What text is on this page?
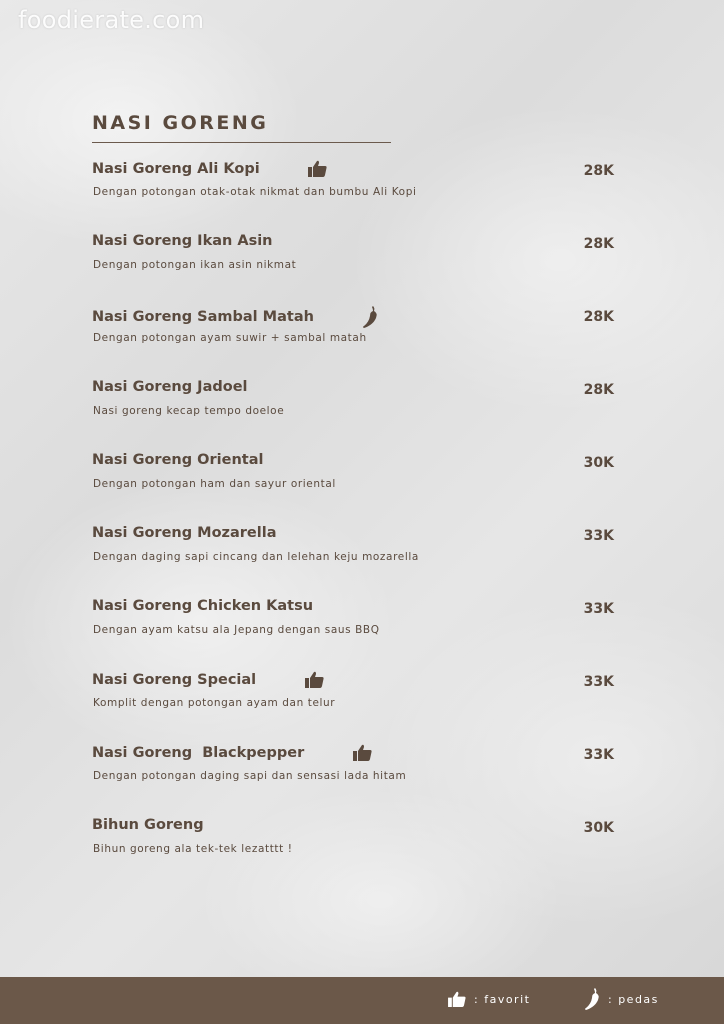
foodierate.com
NASI GORENG
Nasi Goreng Ali Kopi

Dengan potongan otak-otak nikmat dan bumbu Ali Kopi
28K
Nasi Goreng Ikan Asin
Dengan potongan ikan asin nikmat
28K
Nasi Goreng Sambal Matah

Dengan potongan ayam suwir + sambal matah
28K
Nasi Goreng Jadoel
Nasi goreng kecap tempo doeloe
28K
Nasi Goreng Oriental
Dengan potongan ham dan sayur oriental
30K
Nasi Goreng Mozarella
Dengan daging sapi cincang dan lelehan keju mozarella
33K
Nasi Goreng Chicken Katsu
Dengan ayam katsu ala Jepang dengan saus BBQ
33K
Nasi Goreng Special

Komplit dengan potongan ayam dan telur
33K
Nasi Goreng  Blackpepper

Dengan potongan daging sapi dan sensasi lada hitam
33K
Bihun Goreng
Bihun goreng ala tek-tek lezatttt !
30K
: favorit	: pedas
